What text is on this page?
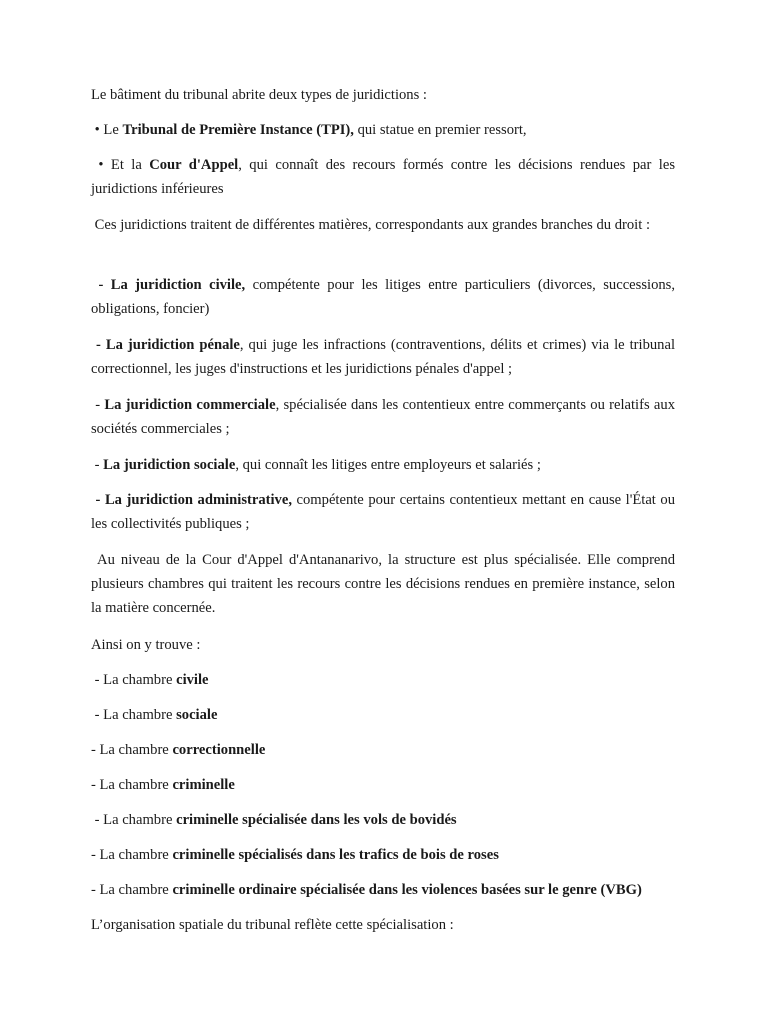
Le bâtiment du tribunal abrite deux types de juridictions :

• Le Tribunal de Première Instance (TPI), qui statue en premier ressort,

• Et la Cour d'Appel, qui connaît des recours formés contre les décisions rendues par les juridictions inférieures

Ces juridictions traitent de différentes matières, correspondants aux grandes branches du droit :

- La juridiction civile, compétente pour les litiges entre particuliers (divorces, successions, obligations, foncier)

- La juridiction pénale, qui juge les infractions (contraventions, délits et crimes) via le tribunal correctionnel, les juges d'instructions et les juridictions pénales d'appel ;

- La juridiction commerciale, spécialisée dans les contentieux entre commerçants ou relatifs aux sociétés commerciales ;

- La juridiction sociale, qui connaît les litiges entre employeurs et salariés ;

- La juridiction administrative, compétente pour certains contentieux mettant en cause l'État ou les collectivités publiques ;

Au niveau de la Cour d'Appel d'Antananarivo, la structure est plus spécialisée. Elle comprend plusieurs chambres qui traitent les recours contre les décisions rendues en première instance, selon la matière concernée.

Ainsi on y trouve :

- La chambre civile

- La chambre sociale

- La chambre correctionnelle

- La chambre criminelle

- La chambre criminelle spécialisée dans les vols de bovidés

- La chambre criminelle spécialisés dans les trafics de bois de roses

- La chambre criminelle ordinaire spécialisée dans les violences basées sur le genre (VBG)

L’organisation spatiale du tribunal reflète cette spécialisation :
